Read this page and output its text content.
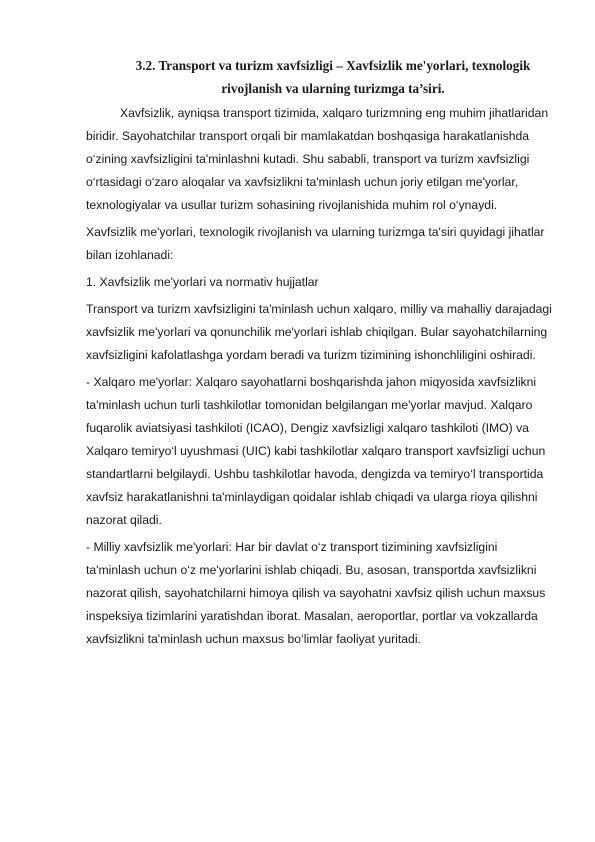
3.2. Transport va turizm xavfsizligi – Xavfsizlik me'yorlari, texnologik
rivojlanish va ularning turizmga ta’siri.

Xavfsizlik, ayniqsa transport tizimida, xalqaro turizmning eng muhim jihatlaridan biridir. Sayohatchilar transport orqali bir mamlakatdan boshqasiga harakatlanishda o‘zining xavfsizligini ta'minlashni kutadi. Shu sababli, transport va turizm xavfsizligi o‘rtasidagi o‘zaro aloqalar va xavfsizlikni ta'minlash uchun joriy etilgan me'yorlar, texnologiyalar va usullar turizm sohasining rivojlanishida muhim rol o‘ynaydi.

Xavfsizlik me'yorlari, texnologik rivojlanish va ularning turizmga ta'siri quyidagi jihatlar bilan izohlanadi:

1. Xavfsizlik me'yorlari va normativ hujjatlar

Transport va turizm xavfsizligini ta'minlash uchun xalqaro, milliy va mahalliy darajadagi xavfsizlik me'yorlari va qonunchilik me'yorlari ishlab chiqilgan. Bular sayohatchilarning xavfsizligini kafolatlashga yordam beradi va turizm tizimining ishonchliligini oshiradi.

- Xalqaro me'yorlar: Xalqaro sayohatlarni boshqarishda jahon miqyosida xavfsizlikni ta'minlash uchun turli tashkilotlar tomonidan belgilangan me'yorlar mavjud. Xalqaro fuqarolik aviatsiyasi tashkiloti (ICAO), Dengiz xavfsizligi xalqaro tashkiloti (IMO) va Xalqaro temiryo‘l uyushmasi (UIC) kabi tashkilotlar xalqaro transport xavfsizligi uchun standartlarni belgilaydi. Ushbu tashkilotlar havoda, dengizda va temiryo‘l transportida xavfsiz harakatlanishni ta'minlaydigan qoidalar ishlab chiqadi va ularga rioya qilishni nazorat qiladi.

- Milliy xavfsizlik me'yorlari: Har bir davlat o‘z transport tizimining xavfsizligini ta'minlash uchun o‘z me'yorlarini ishlab chiqadi. Bu, asosan, transportda xavfsizlikni nazorat qilish, sayohatchilarni himoya qilish va sayohatni xavfsiz qilish uchun maxsus inspeksiya tizimlarini yaratishdan iborat. Masalan, aeroportlar, portlar va vokzallarda xavfsizlikni ta'minlash uchun maxsus bo‘limlar faoliyat yuritadi.
